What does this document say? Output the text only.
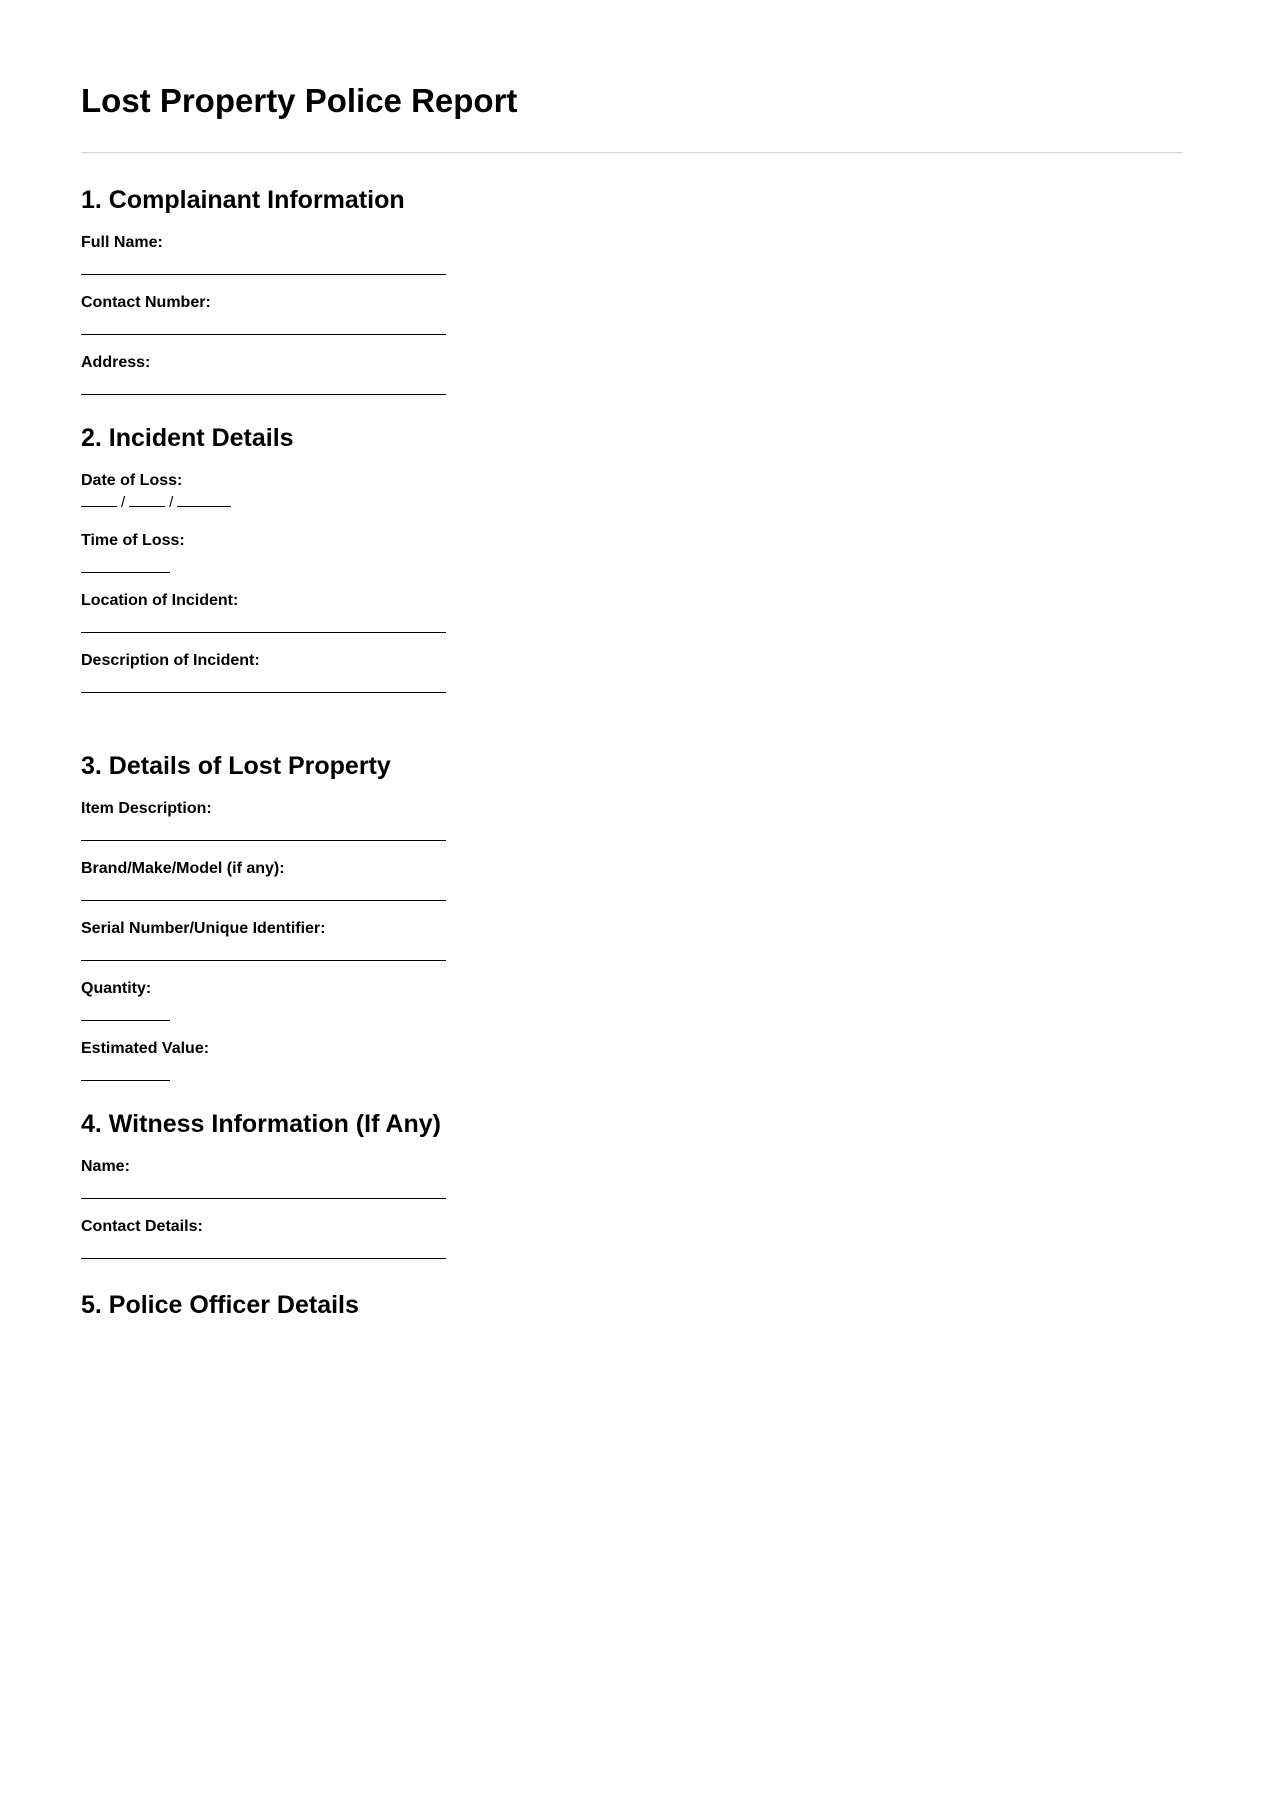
Lost Property Police Report
1. Complainant Information
Full Name:
Contact Number:
Address:
2. Incident Details
Date of Loss:
/	/
Time of Loss:
Location of Incident:
Description of Incident:
3. Details of Lost Property
Item Description:
Brand/Make/Model (if any):
Serial Number/Unique Identifier:
Quantity:
Estimated Value:
4. Witness Information (If Any)
Name:
Contact Details:
5. Police Officer Details
